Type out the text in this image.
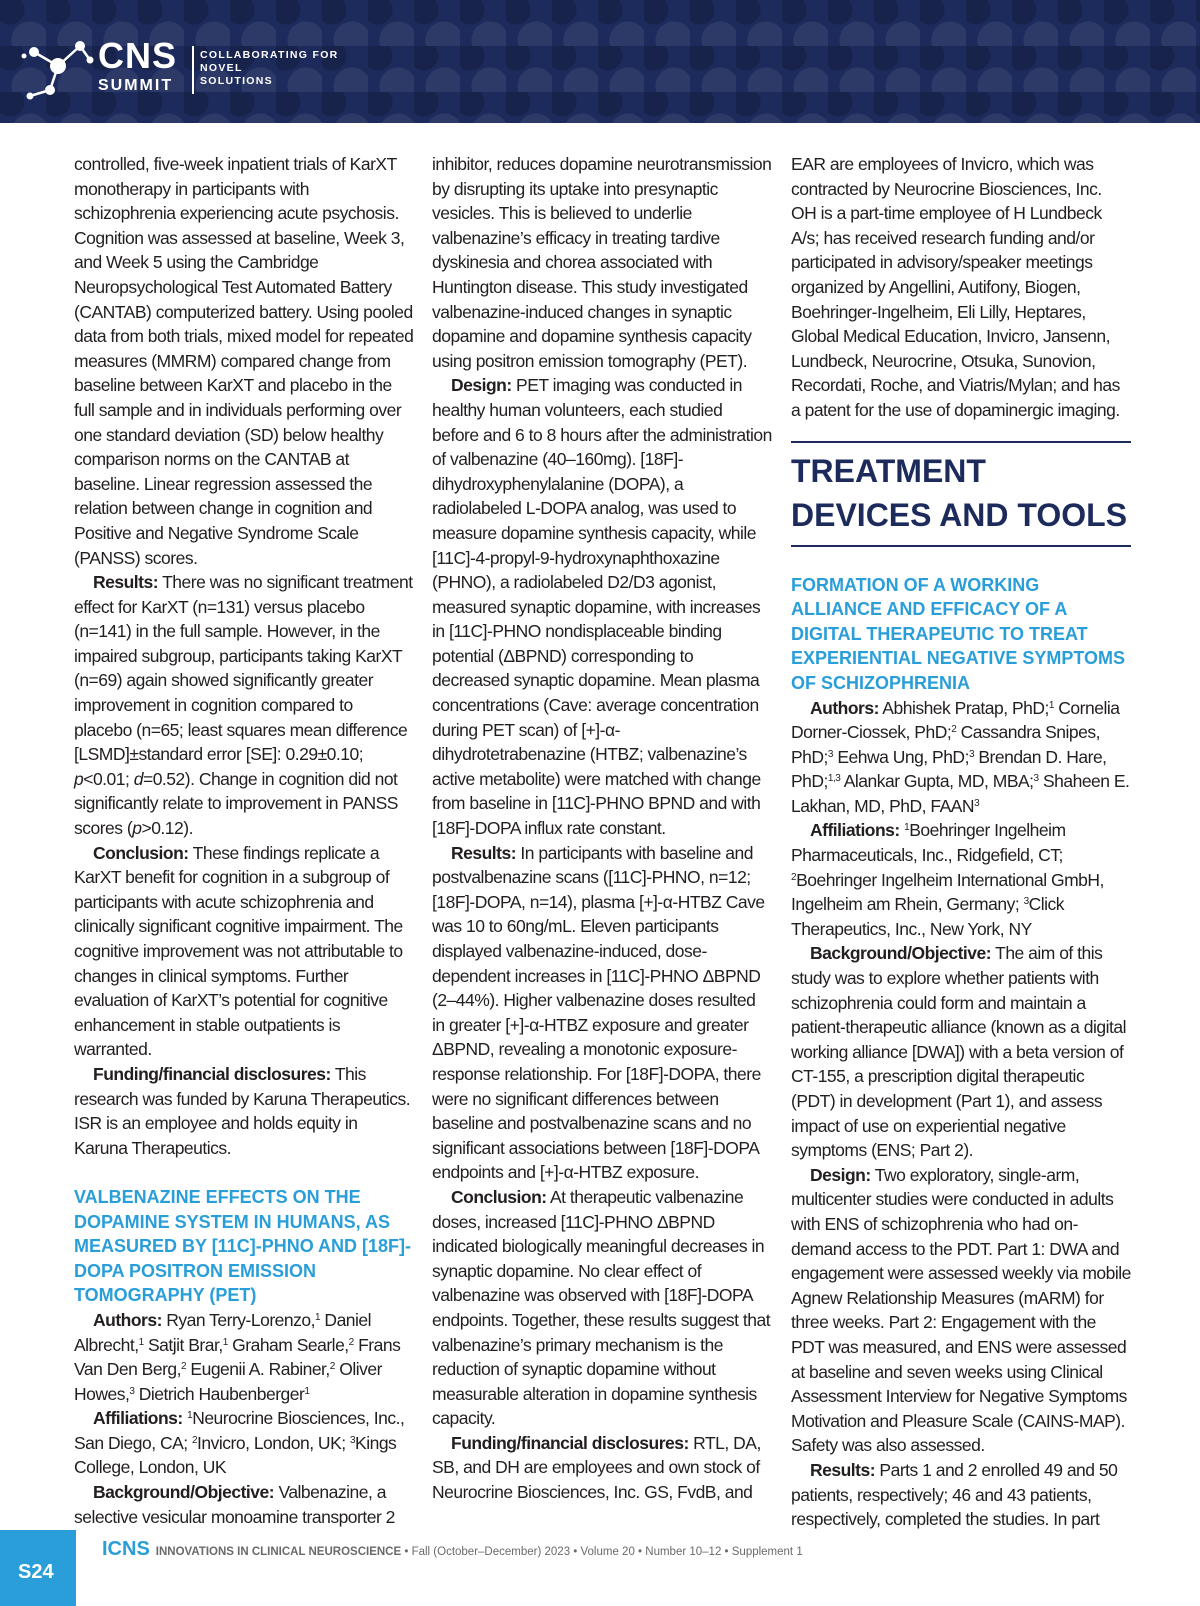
CNS
SUMMIT
COLLABORATING FOR
NOVEL
SOLUTIONS

controlled, five-week inpatient trials of KarXT monotherapy in participants with schizophrenia experiencing acute psychosis. Cognition was assessed at baseline, Week 3, and Week 5 using the Cambridge Neuropsychological Test Automated Battery (CANTAB) computerized battery. Using pooled data from both trials, mixed model for repeated measures (MMRM) compared change from baseline between KarXT and placebo in the full sample and in individuals performing over one standard deviation (SD) below healthy comparison norms on the CANTAB at baseline. Linear regression assessed the relation between change in cognition and Positive and Negative Syndrome Scale (PANSS) scores.

Results: There was no significant treatment effect for KarXT (n=131) versus placebo (n=141) in the full sample. However, in the impaired subgroup, participants taking KarXT (n=69) again showed significantly greater improvement in cognition compared to placebo (n=65; least squares mean difference [LSMD]±standard error [SE]: 0.29±0.10; p<0.01; d=0.52). Change in cognition did not significantly relate to improvement in PANSS scores (p>0.12).

Conclusion: These findings replicate a KarXT benefit for cognition in a subgroup of participants with acute schizophrenia and clinically significant cognitive impairment. The cognitive improvement was not attributable to changes in clinical symptoms. Further evaluation of KarXT’s potential for cognitive enhancement in stable outpatients is warranted.

Funding/financial disclosures: This research was funded by Karuna Therapeutics. ISR is an employee and holds equity in Karuna Therapeutics.

VALBENAZINE EFFECTS ON THE DOPAMINE SYSTEM IN HUMANS, AS MEASURED BY [11C]-PHNO AND [18F]-DOPA POSITRON EMISSION TOMOGRAPHY (PET)

Authors: Ryan Terry-Lorenzo,$^1$ Daniel Albrecht,$^1$ Satjit Brar,$^1$ Graham Searle,$^2$ Frans Van Den Berg,$^2$ Eugenii A. Rabiner,$^2$ Oliver Howes,$^3$ Dietrich Haubenberger$^1$

Affiliations: $^1$Neurocrine Biosciences, Inc., San Diego, CA; $^2$Invicro, London, UK; $^3$Kings College, London, UK

Background/Objective: Valbenazine, a selective vesicular monoamine transporter 2

inhibitor, reduces dopamine neurotransmission by disrupting its uptake into presynaptic vesicles. This is believed to underlie valbenazine’s efficacy in treating tardive dyskinesia and chorea associated with Huntington disease. This study investigated valbenazine-induced changes in synaptic dopamine and dopamine synthesis capacity using positron emission tomography (PET).

Design: PET imaging was conducted in healthy human volunteers, each studied before and 6 to 8 hours after the administration of valbenazine (40–160mg). [18F]-dihydroxyphenylalanine (DOPA), a radiolabeled L-DOPA analog, was used to measure dopamine synthesis capacity, while [11C]-4-propyl-9-hydroxynaphthoxazine (PHNO), a radiolabeled D2/D3 agonist, measured synaptic dopamine, with increases in [11C]-PHNO nondisplaceable binding potential (ΔBPND) corresponding to decreased synaptic dopamine. Mean plasma concentrations (Cave: average concentration during PET scan) of [+]-α-dihydrotetrabenazine (HTBZ; valbenazine’s active metabolite) were matched with change from baseline in [11C]-PHNO BPND and with [18F]-DOPA influx rate constant.

Results: In participants with baseline and postvalbenazine scans ([11C]-PHNO, n=12; [18F]-DOPA, n=14), plasma [+]-α-HTBZ Cave was 10 to 60ng/mL. Eleven participants displayed valbenazine-induced, dose-dependent increases in [11C]-PHNO ΔBPND (2–44%). Higher valbenazine doses resulted in greater [+]-α-HTBZ exposure and greater ΔBPND, revealing a monotonic exposure-response relationship. For [18F]-DOPA, there were no significant differences between baseline and postvalbenazine scans and no significant associations between [18F]-DOPA endpoints and [+]-α-HTBZ exposure.

Conclusion: At therapeutic valbenazine doses, increased [11C]-PHNO ΔBPND indicated biologically meaningful decreases in synaptic dopamine. No clear effect of valbenazine was observed with [18F]-DOPA endpoints. Together, these results suggest that valbenazine’s primary mechanism is the reduction of synaptic dopamine without measurable alteration in dopamine synthesis capacity.

Funding/financial disclosures: RTL, DA, SB, and DH are employees and own stock of Neurocrine Biosciences, Inc. GS, FvdB, and

EAR are employees of Invicro, which was contracted by Neurocrine Biosciences, Inc. OH is a part-time employee of H Lundbeck A/s; has received research funding and/or participated in advisory/speaker meetings organized by Angellini, Autifony, Biogen, Boehringer-Ingelheim, Eli Lilly, Heptares, Global Medical Education, Invicro, Jansenn, Lundbeck, Neurocrine, Otsuka, Sunovion, Recordati, Roche, and Viatris/Mylan; and has a patent for the use of dopaminergic imaging.

TREATMENT DEVICES AND TOOLS
FORMATION OF A WORKING ALLIANCE AND EFFICACY OF A DIGITAL THERAPEUTIC TO TREAT EXPERIENTIAL NEGATIVE SYMPTOMS OF SCHIZOPHRENIA

Authors: Abhishek Pratap, PhD;$^1$ Cornelia Dorner-Ciossek, PhD;$^2$ Cassandra Snipes, PhD;$^3$ Eehwa Ung, PhD;$^3$ Brendan D. Hare, PhD;$^{1,3}$ Alankar Gupta, MD, MBA;$^3$ Shaheen E. Lakhan, MD, PhD, FAAN$^3$

Affiliations: $^1$Boehringer Ingelheim Pharmaceuticals, Inc., Ridgefield, CT; $^2$Boehringer Ingelheim International GmbH, Ingelheim am Rhein, Germany; $^3$Click Therapeutics, Inc., New York, NY

Background/Objective: The aim of this study was to explore whether patients with schizophrenia could form and maintain a patient-therapeutic alliance (known as a digital working alliance [DWA]) with a beta version of CT-155, a prescription digital therapeutic (PDT) in development (Part 1), and assess impact of use on experiential negative symptoms (ENS; Part 2).

Design: Two exploratory, single-arm, multicenter studies were conducted in adults with ENS of schizophrenia who had on-demand access to the PDT. Part 1: DWA and engagement were assessed weekly via mobile Agnew Relationship Measures (mARM) for three weeks. Part 2: Engagement with the PDT was measured, and ENS were assessed at baseline and seven weeks using Clinical Assessment Interview for Negative Symptoms Motivation and Pleasure Scale (CAINS-MAP). Safety was also assessed.

Results: Parts 1 and 2 enrolled 49 and 50 patients, respectively; 46 and 43 patients, respectively, completed the studies. In part

S24
ICNS INNOVATIONS IN CLINICAL NEUROSCIENCE • Fall (October–December) 2023 • Volume 20 • Number 10–12 • Supplement 1
